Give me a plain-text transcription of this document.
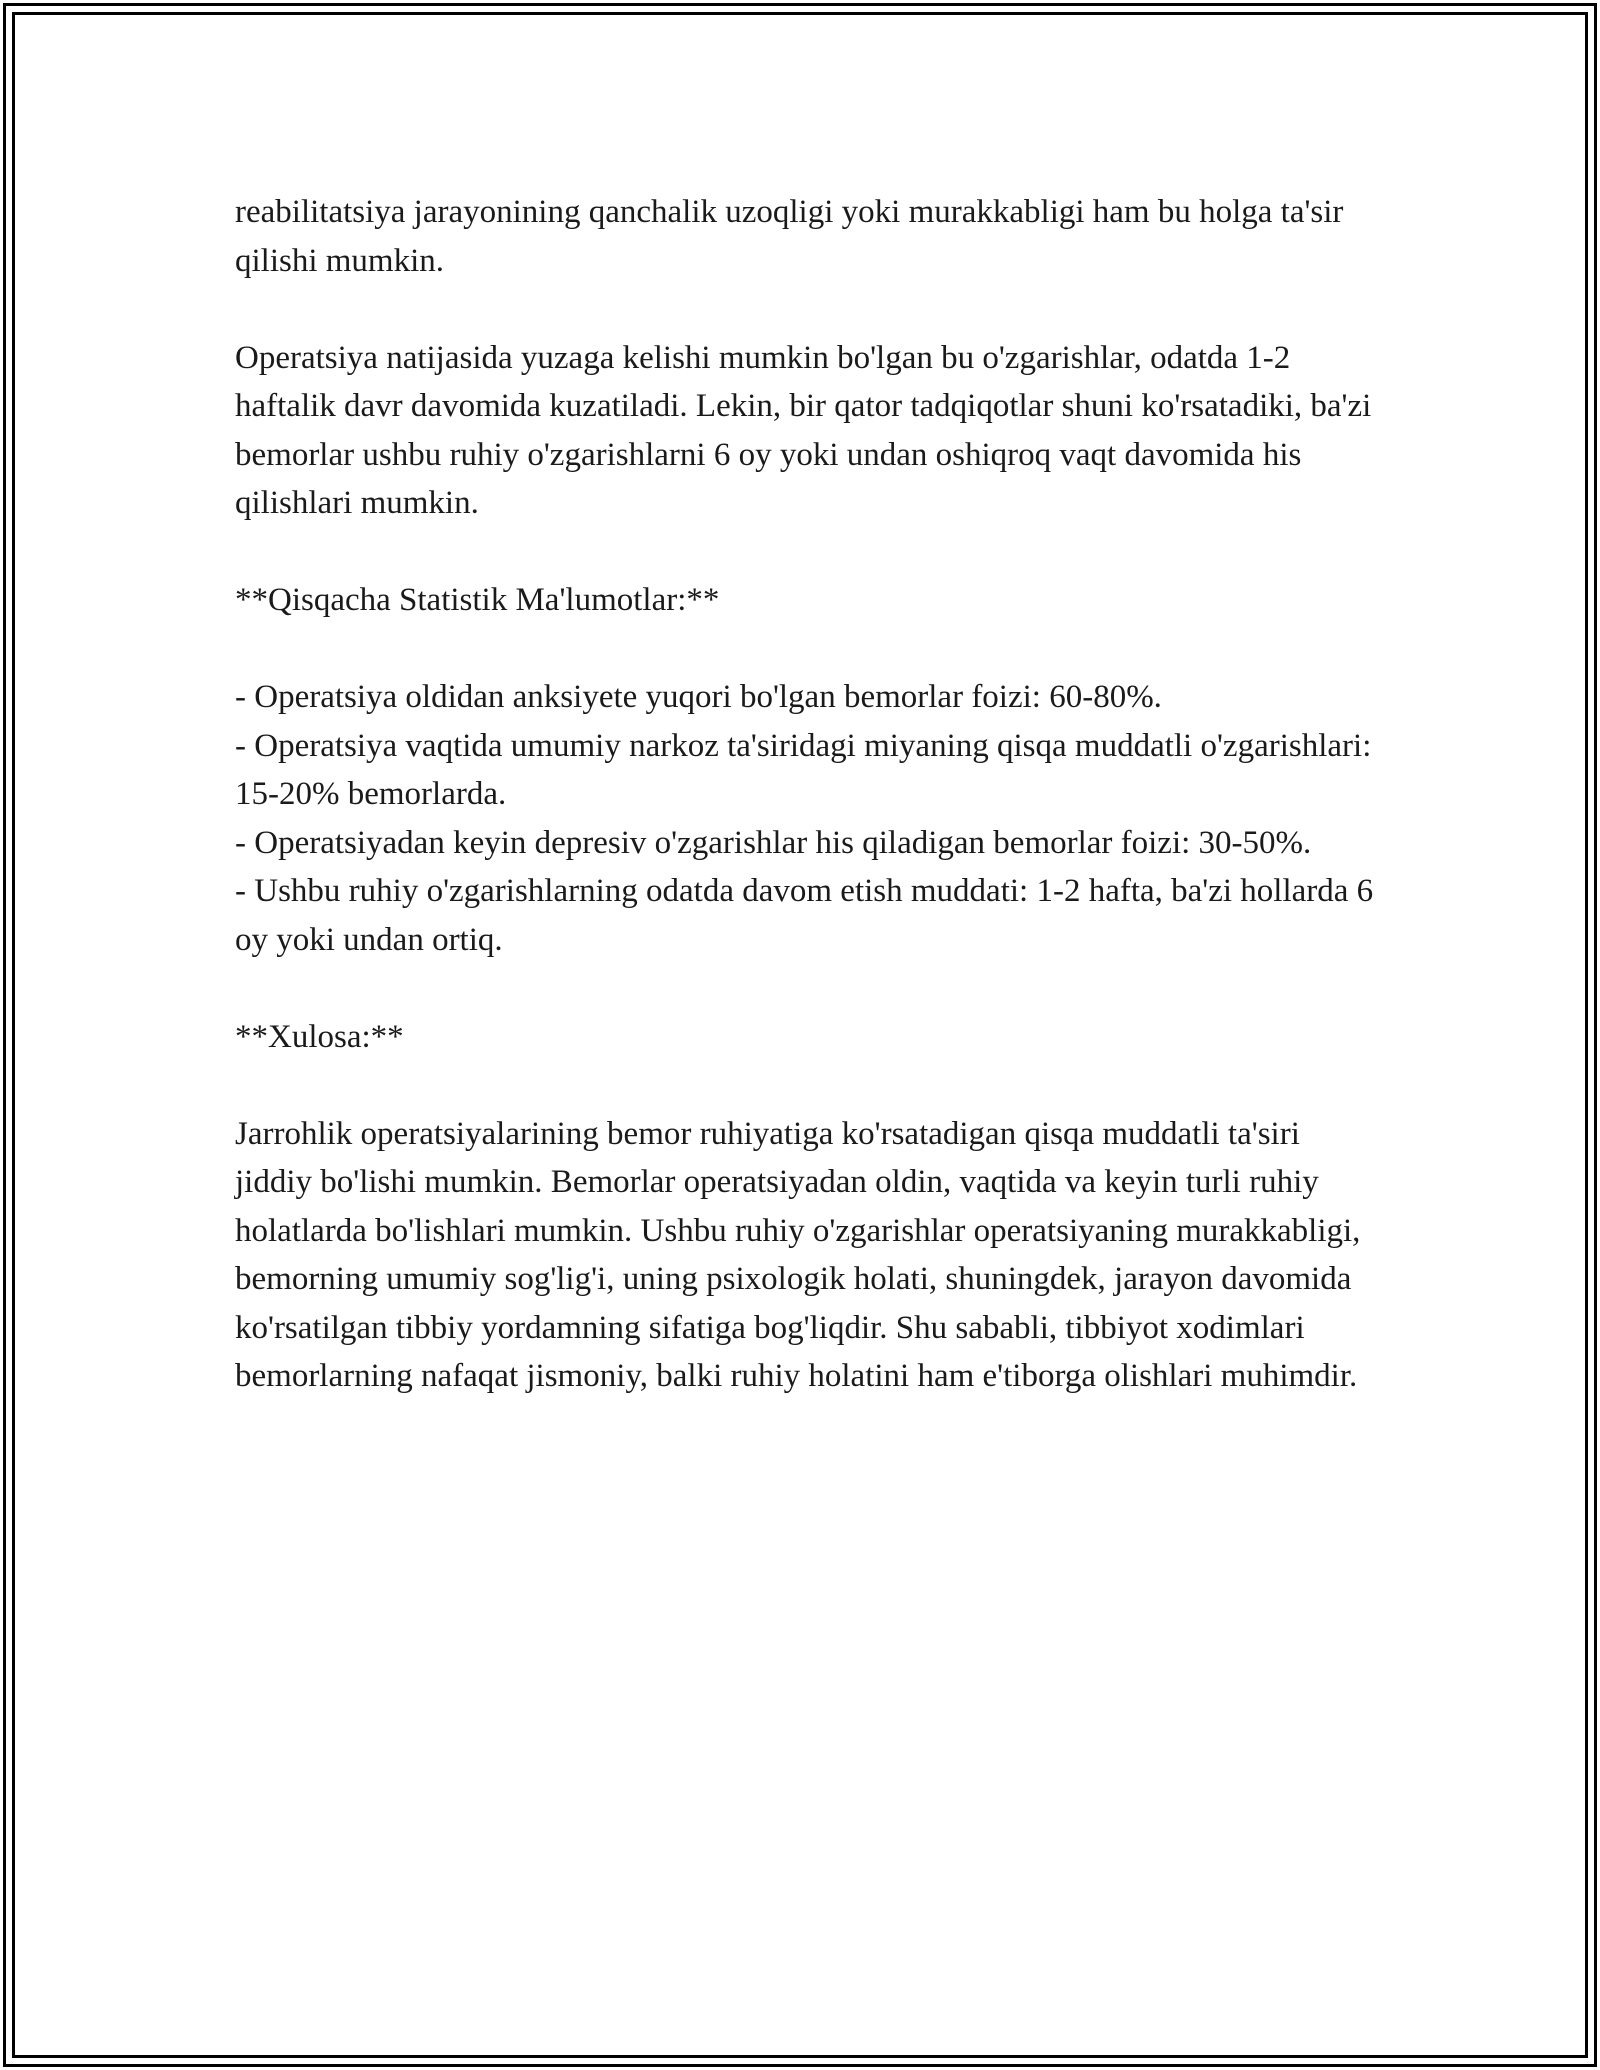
reabilitatsiya jarayonining qanchalik uzoqligi yoki murakkabligi ham bu holga ta'sir qilishi mumkin.

Operatsiya natijasida yuzaga kelishi mumkin bo'lgan bu o'zgarishlar, odatda 1-2 haftalik davr davomida kuzatiladi. Lekin, bir qator tadqiqotlar shuni ko'rsatadiki, ba'zi bemorlar ushbu ruhiy o'zgarishlarni 6 oy yoki undan oshiqroq vaqt davomida his qilishlari mumkin.

**Qisqacha Statistik Ma'lumotlar:**

- Operatsiya oldidan anksiyete yuqori bo'lgan bemorlar foizi: 60-80%.
- Operatsiya vaqtida umumiy narkoz ta'siridagi miyaning qisqa muddatli o'zgarishlari: 15-20% bemorlarda.
- Operatsiyadan keyin depresiv o'zgarishlar his qiladigan bemorlar foizi: 30-50%.
- Ushbu ruhiy o'zgarishlarning odatda davom etish muddati: 1-2 hafta, ba'zi hollarda 6 oy yoki undan ortiq.

**Xulosa:**

Jarrohlik operatsiyalarining bemor ruhiyatiga ko'rsatadigan qisqa muddatli ta'siri jiddiy bo'lishi mumkin. Bemorlar operatsiyadan oldin, vaqtida va keyin turli ruhiy holatlarda bo'lishlari mumkin. Ushbu ruhiy o'zgarishlar operatsiyaning murakkabligi, bemorning umumiy sog'lig'i, uning psixologik holati, shuningdek, jarayon davomida ko'rsatilgan tibbiy yordamning sifatiga bog'liqdir. Shu sababli, tibbiyot xodimlari bemorlarning nafaqat jismoniy, balki ruhiy holatini ham e'tiborga olishlari muhimdir.
